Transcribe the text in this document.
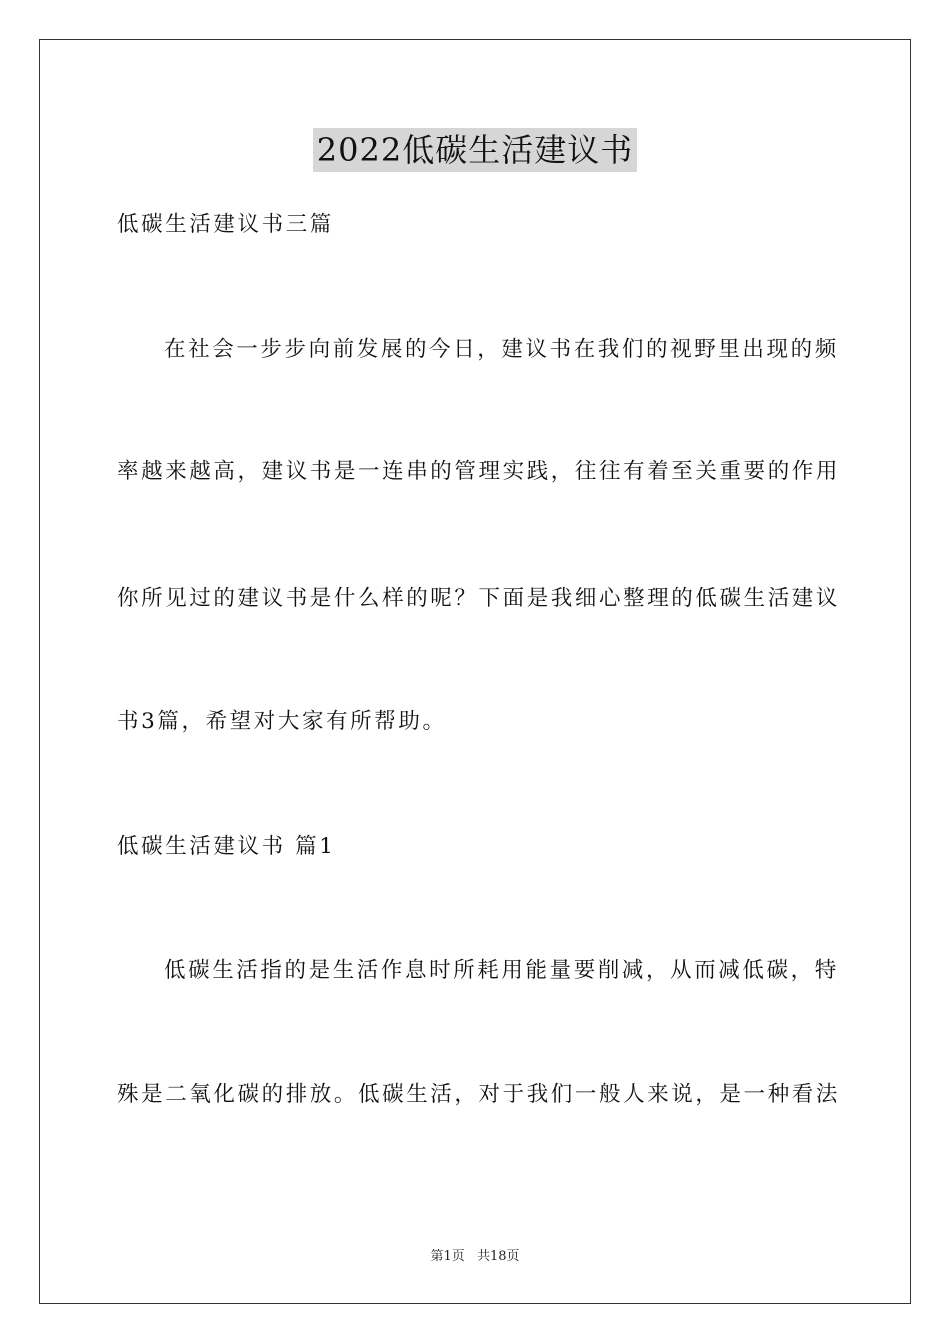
2022低碳生活建议书
低碳生活建议书三篇
在社会一步步向前发展的今日，建议书在我们的视野里出现的频
率越来越高，建议书是一连串的管理实践，往往有着至关重要的作用
你所见过的建议书是什么样的呢？下面是我细心整理的低碳生活建议
书3篇，希望对大家有所帮助。
低碳生活建议书 篇1
低碳生活指的是生活作息时所耗用能量要削减，从而减低碳，特
殊是二氧化碳的排放。低碳生活，对于我们一般人来说，是一种看法
第1页 共18页
